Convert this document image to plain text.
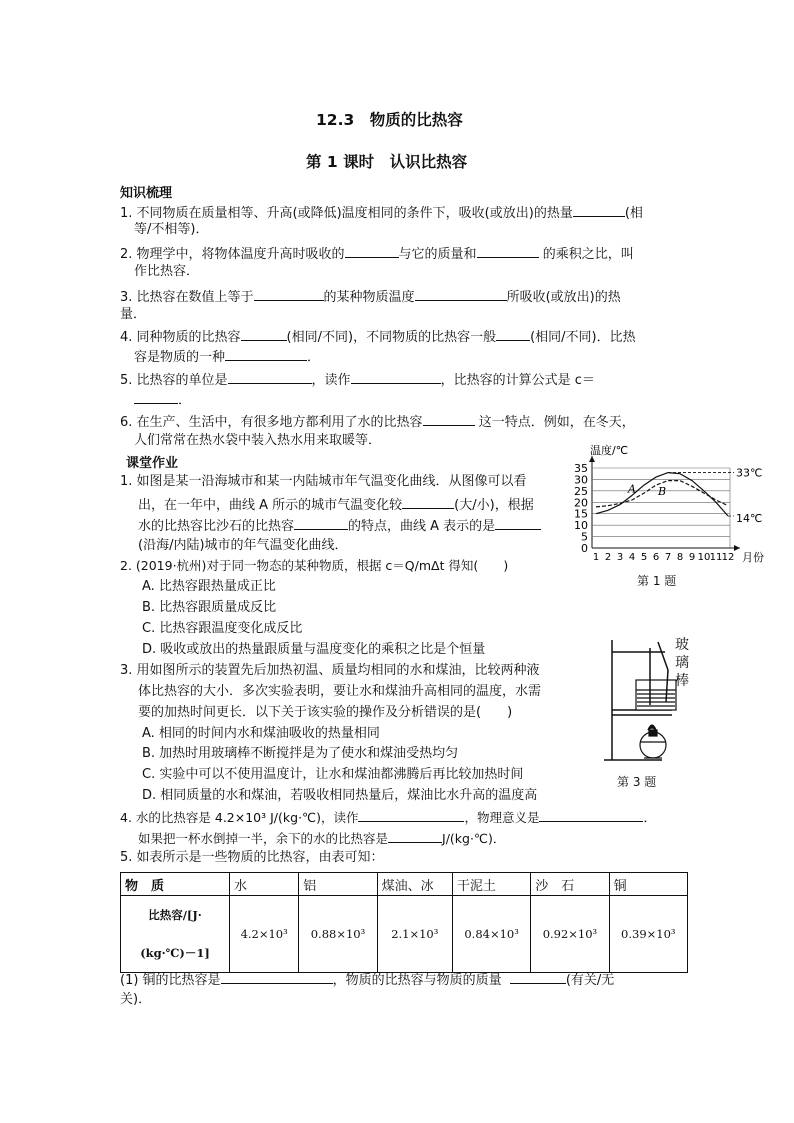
12.3　物质的比热容
第 1 课时　认识比热容
知识梳理
1. 不同物质在质量相等、升高(或降低)温度相同的条件下，吸收(或放出)的热量	(相
等/不相等)．
2. 物理学中，将物体温度升高时吸收的	与它的质量和	的乘积之比，叫
作比热容．
3. 比热容在数值上等于	的某种物质温度	所吸收(或放出)的热
量．
4. 同种物质的比热容	(相同/不同)，不同物质的比热容一般	(相同/不同)．比热
容是物质的一种	．
5. 比热容的单位是	，读作	，比热容的计算公式是 c＝
．
6. 在生产、生活中，有很多地方都利用了水的比热容	这一特点．例如，在冬天，
人们常常在热水袋中装入热水用来取暖等．
课堂作业
1. 如图是某一沿海城市和某一内陆城市年气温变化曲线．从图像可以看
出，在一年中，曲线 A 所示的城市气温变化较	(大/小)，根据
水的比热容比沙石的比热容	的特点，曲线 A 表示的是
(沿海/内陆)城市的年气温变化曲线．
2. (2019·杭州)对于同一物态的某种物质，根据 c＝Q/mΔt 得知(　　)
A. 比热容跟热量成正比
B. 比热容跟质量成反比
C. 比热容跟温度变化成反比
D. 吸收或放出的热量跟质量与温度变化的乘积之比是个恒量
3. 用如图所示的装置先后加热初温、质量均相同的水和煤油，比较两种液
体比热容的大小．多次实验表明，要让水和煤油升高相同的温度，水需
要的加热时间更长．以下关于该实验的操作及分析错误的是(　　)
A. 相同的时间内水和煤油吸收的热量相同
B. 加热时用玻璃棒不断搅拌是为了使水和煤油受热均匀
C. 实验中可以不使用温度计，让水和煤油都沸腾后再比较加热时间
D. 相同质量的水和煤油，若吸收相同热量后，煤油比水升高的温度高
4. 水的比热容是 4.2×10³ J/(kg·℃)，读作	，物理意义是	．
如果把一杯水倒掉一半，余下的水的比热容是	J/(kg·℃)．
5. 如表所示是一些物质的比热容，由表可知：
物　质	水	铝	煤油、冰	干泥土	沙　石	铜
比热容/[J·
(kg·℃)－1]	4.2×10³	0.88×10³	2.1×10³	0.84×10³	0.92×10³	0.39×10³
(1) 铜的比热容是	，物质的比热容与物质的质量	(有关/无
关)．
0
5
10
15
20
25
30
35
1 2 3 4 5 6 7 8 9 10 11 12
温度/℃
月份
A B
33℃
14℃
第 1 题
玻璃棒
第 3 题
